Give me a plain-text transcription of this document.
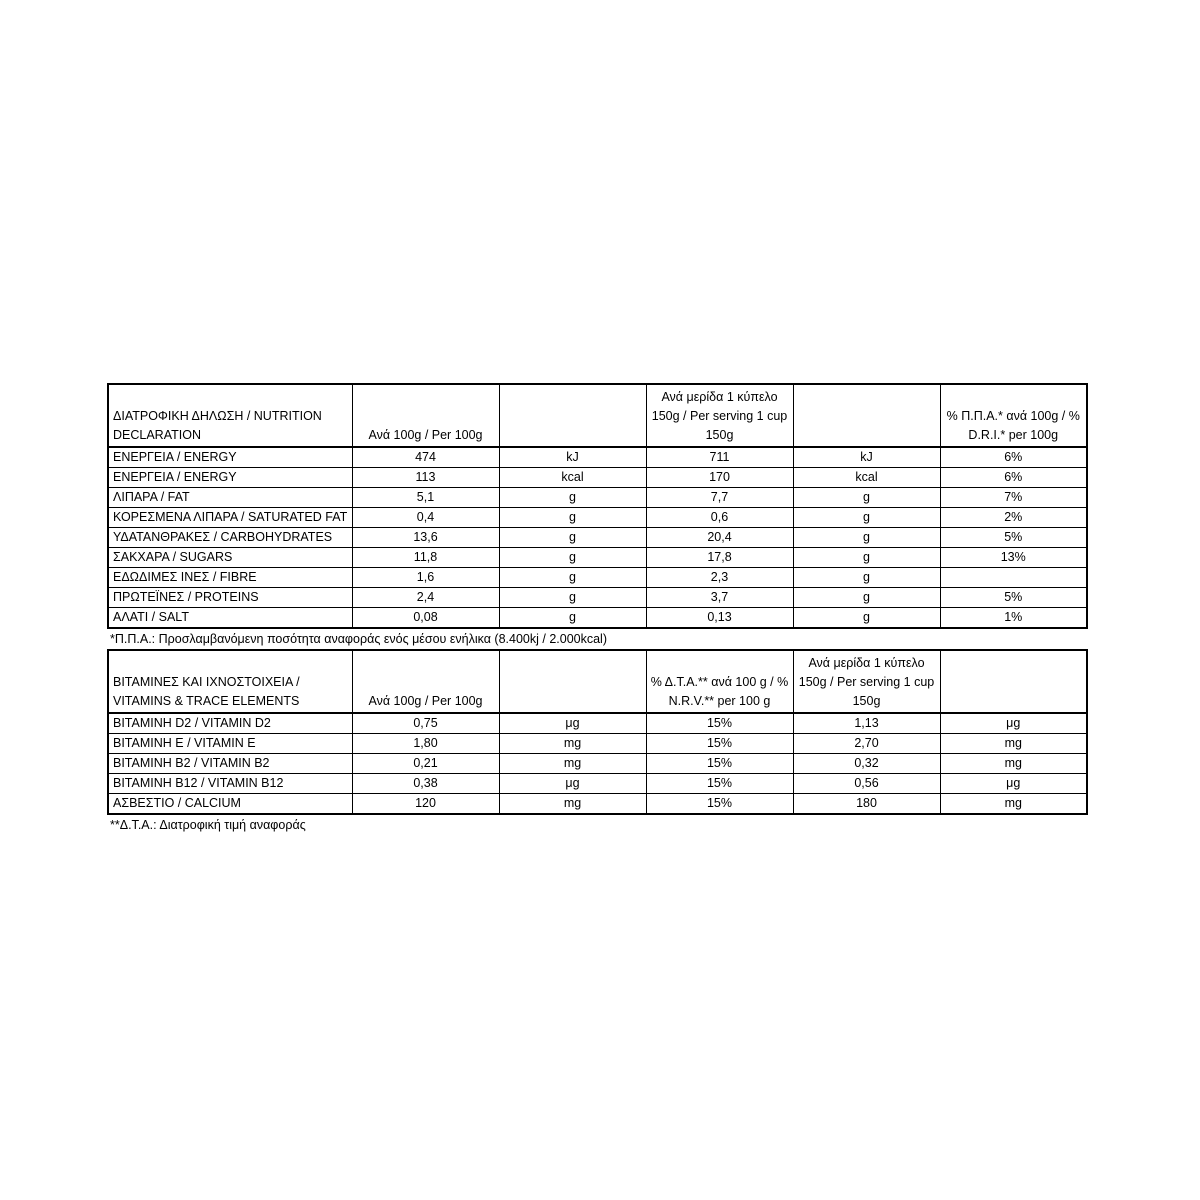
ΔΙΑΤΡΟΦΙΚΗ ΔΗΛΩΣΗ / NUTRITION DECLARATION	Ανά 100g / Per 100g		Ανά μερίδα 1 κύπελο 150g / Per serving 1 cup 150g		% Π.Π.Α.* ανά 100g / % D.R.I.* per 100g
ΕΝΕΡΓΕΙΑ / ENERGY	474	kJ	711	kJ	6%
ΕΝΕΡΓΕΙΑ / ENERGY	113	kcal	170	kcal	6%
ΛΙΠΑΡΑ / FAT	5,1	g	7,7	g	7%
ΚΟΡΕΣΜΕΝΑ ΛΙΠΑΡΑ / SATURATED FAT	0,4	g	0,6	g	2%
ΥΔΑΤΑΝΘΡΑΚΕΣ / CARBOHYDRATES	13,6	g	20,4	g	5%
ΣΑΚΧΑΡΑ / SUGARS	11,8	g	17,8	g	13%
ΕΔΩΔΙΜΕΣ ΙΝΕΣ / FIBRE	1,6	g	2,3	g	
ΠΡΩΤΕΪΝΕΣ / PROTEINS	2,4	g	3,7	g	5%
ΑΛΑΤΙ / SALT	0,08	g	0,13	g	1%
*Π.Π.Α.: Προσλαμβανόμενη ποσότητα αναφοράς ενός μέσου ενήλικα (8.400kj / 2.000kcal)
ΒΙΤΑΜΙΝΕΣ ΚΑΙ ΙΧΝΟΣΤΟΙΧΕΙΑ / VITAMINS & TRACE ELEMENTS	Ανά 100g / Per 100g		% Δ.Τ.Α.** ανά 100 g / % N.R.V.** per 100 g	Ανά μερίδα 1 κύπελο 150g / Per serving 1 cup 150g	
ΒΙΤΑΜΙΝΗ D2 / VITAMIN D2	0,75	μg	15%	1,13	μg
ΒΙΤΑΜΙΝΗ Ε / VITAMIN E	1,80	mg	15%	2,70	mg
ΒΙΤΑΜΙΝΗ Β2 / VITAMIN B2	0,21	mg	15%	0,32	mg
ΒΙΤΑΜΙΝΗ Β12 / VITAMIN B12	0,38	μg	15%	0,56	μg
ΑΣΒΕΣΤΙΟ / CALCIUM	120	mg	15%	180	mg
**Δ.Τ.Α.: Διατροφική τιμή αναφοράς
